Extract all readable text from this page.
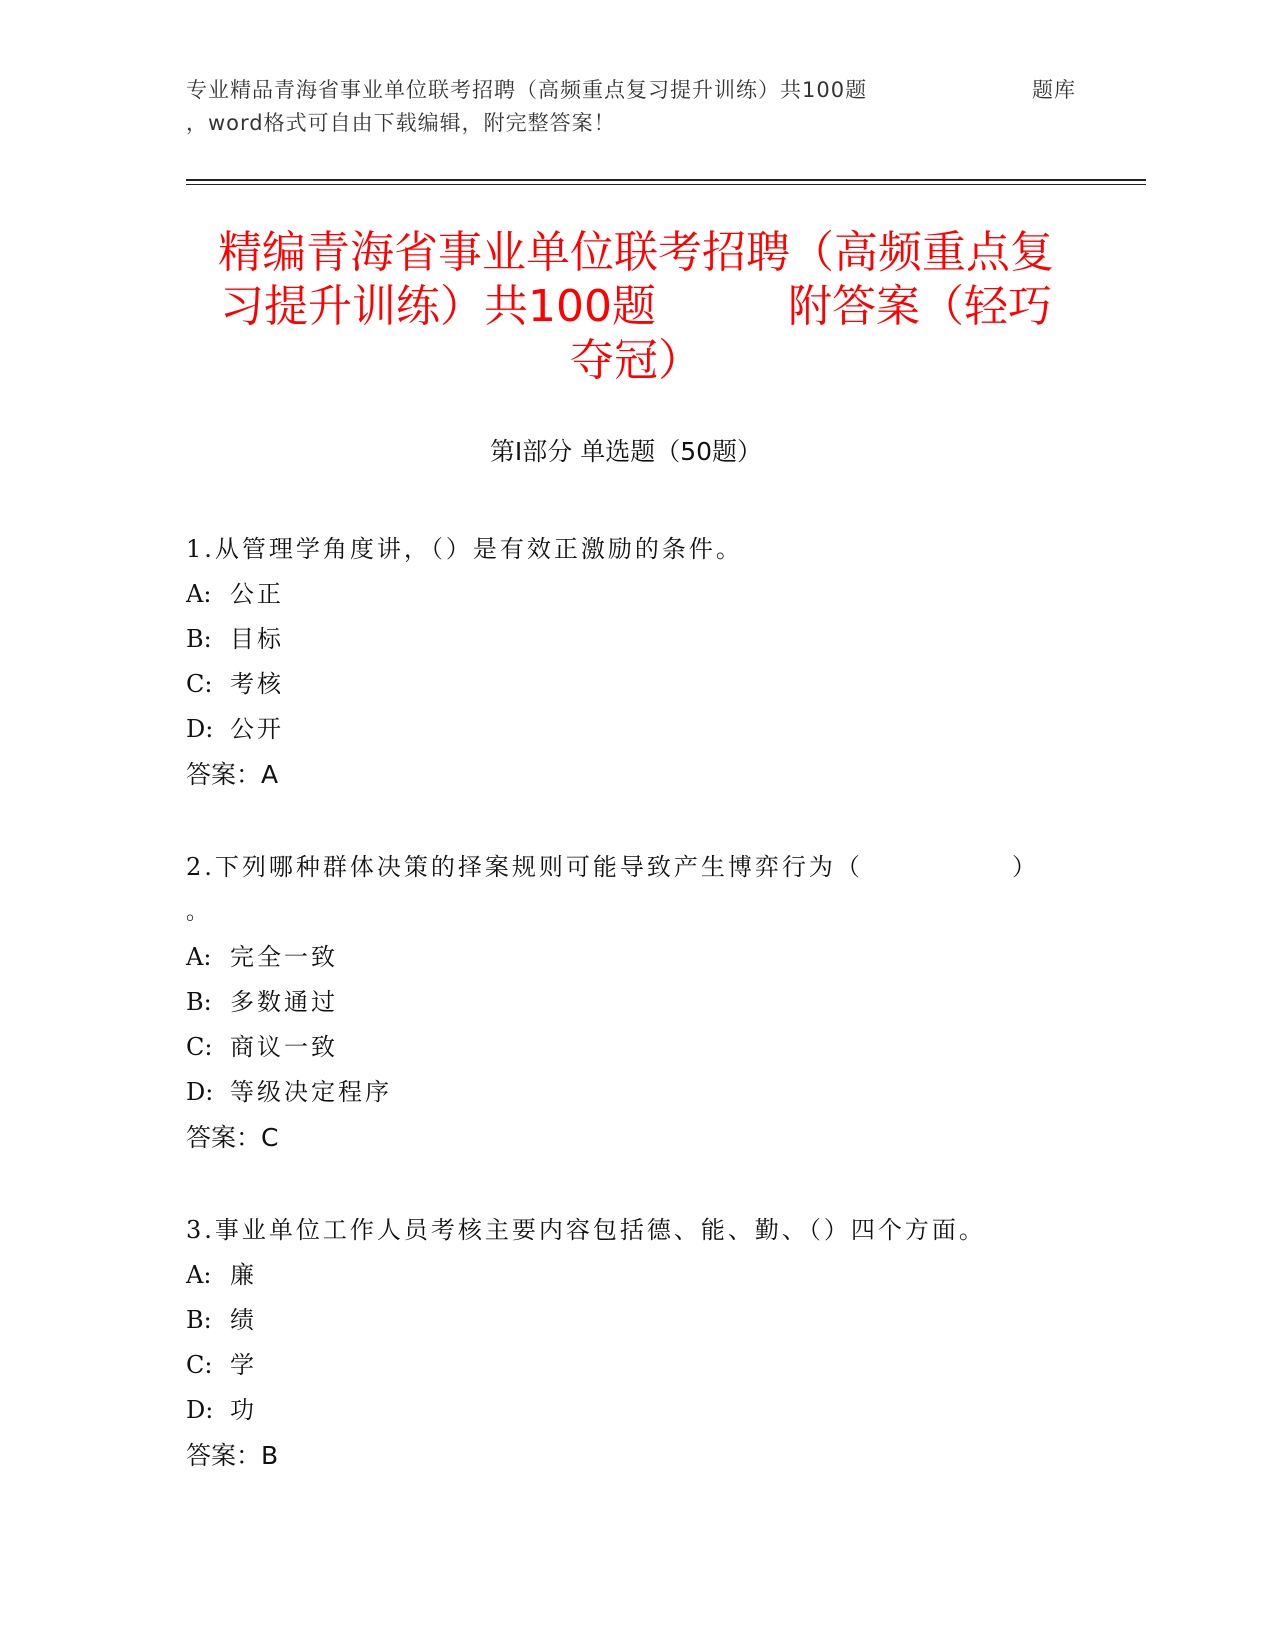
专业精品青海省事业单位联考招聘（高频重点复习提升训练）共100题	题库
，word格式可自由下载编辑，附完整答案！
精编青海省事业单位联考招聘（高频重点复
习提升训练）共100题　　　附答案（轻巧
夺冠）
第I部分 单选题（50题）
1.从管理学角度讲，（）是有效正激励的条件。
A: 公正
B: 目标
C: 考核
D: 公开
答案：A
2.下列哪种群体决策的择案规则可能导致产生博弈行为（	）
。
A: 完全一致
B: 多数通过
C: 商议一致
D: 等级决定程序
答案：C
3.事业单位工作人员考核主要内容包括德、能、勤、（）四个方面。
A: 廉
B: 绩
C: 学
D: 功
答案：B
